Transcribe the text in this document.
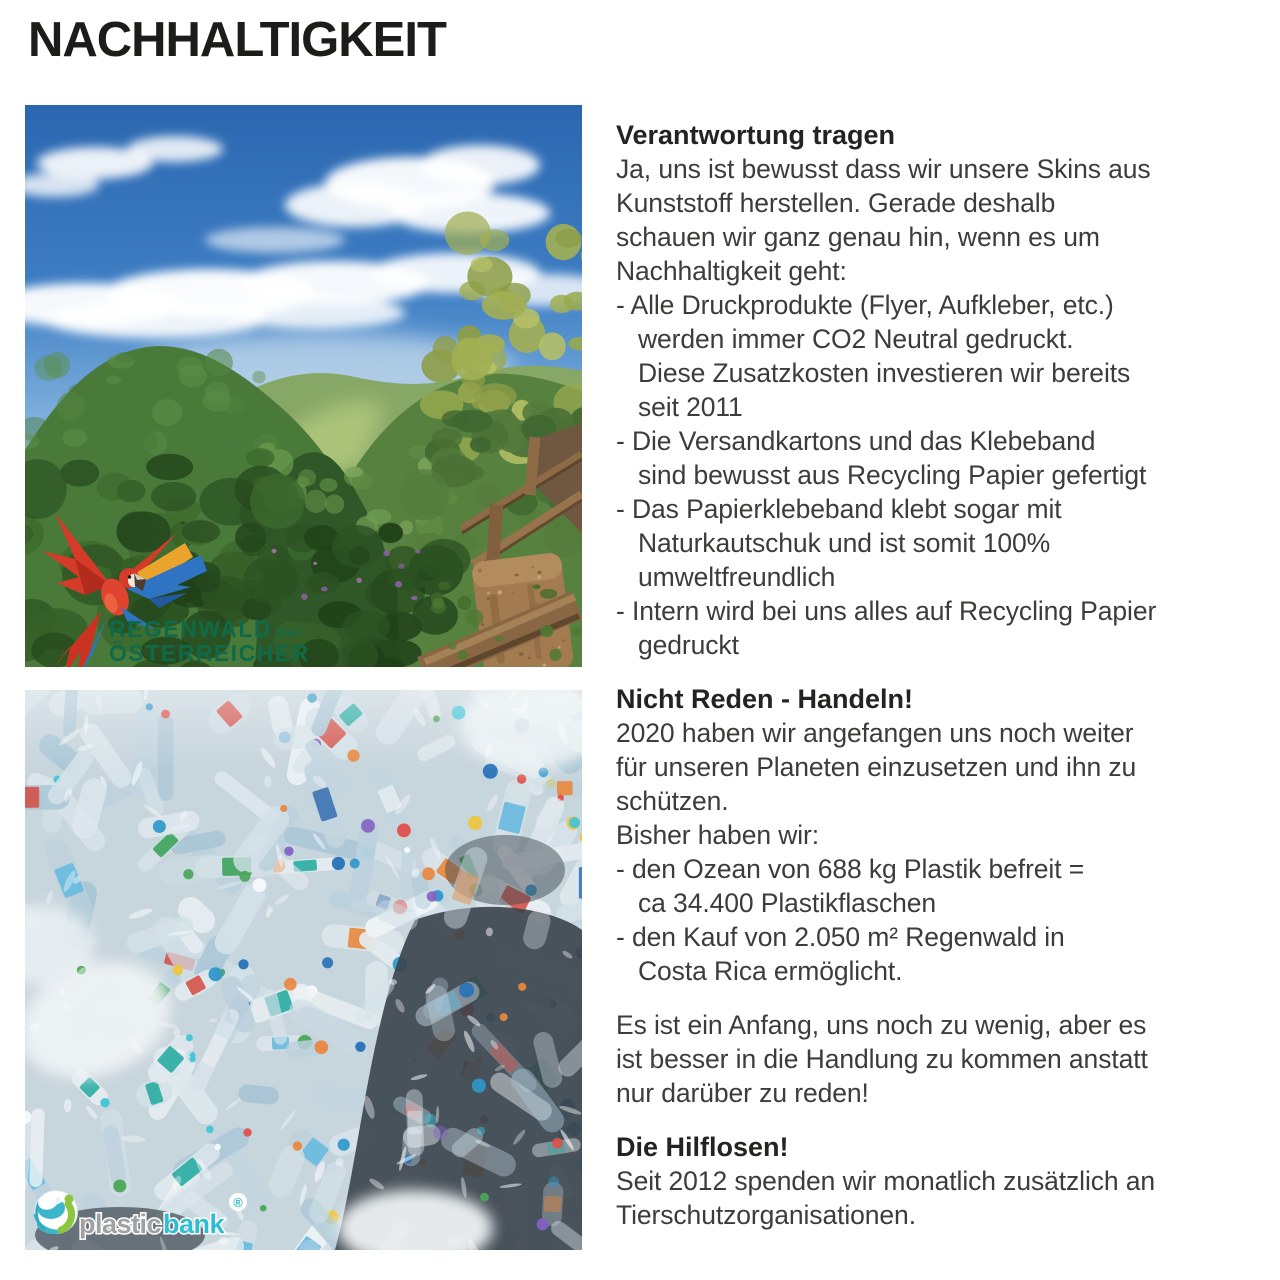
NACHHALTIGKEIT
REGENWALD der
ÖSTERREICHER
plastic bank
®
Verantwortung tragen
Ja, uns ist bewusst dass wir unsere Skins aus
Kunststoff herstellen. Gerade deshalb
schauen wir ganz genau hin, wenn es um
Nachhaltigkeit geht:
- Alle Druckprodukte (Flyer, Aufkleber, etc.)
werden immer CO2 Neutral gedruckt.
Diese Zusatzkosten investieren wir bereits
seit 2011
- Die Versandkartons und das Klebeband
sind bewusst aus Recycling Papier gefertigt
- Das Papierklebeband klebt sogar mit
Naturkautschuk und ist somit 100%
umweltfreundlich
- Intern wird bei uns alles auf Recycling Papier
gedruckt
Nicht Reden - Handeln!
2020 haben wir angefangen uns noch weiter
für unseren Planeten einzusetzen und ihn zu
schützen.
Bisher haben wir:
- den Ozean von 688 kg Plastik befreit =
ca 34.400 Plastikflaschen
- den Kauf von 2.050 m² Regenwald in
Costa Rica ermöglicht.
Es ist ein Anfang, uns noch zu wenig, aber es
ist besser in die Handlung zu kommen anstatt
nur darüber zu reden!
Die Hilflosen!
Seit 2012 spenden wir monatlich zusätzlich an
Tierschutzorganisationen.
